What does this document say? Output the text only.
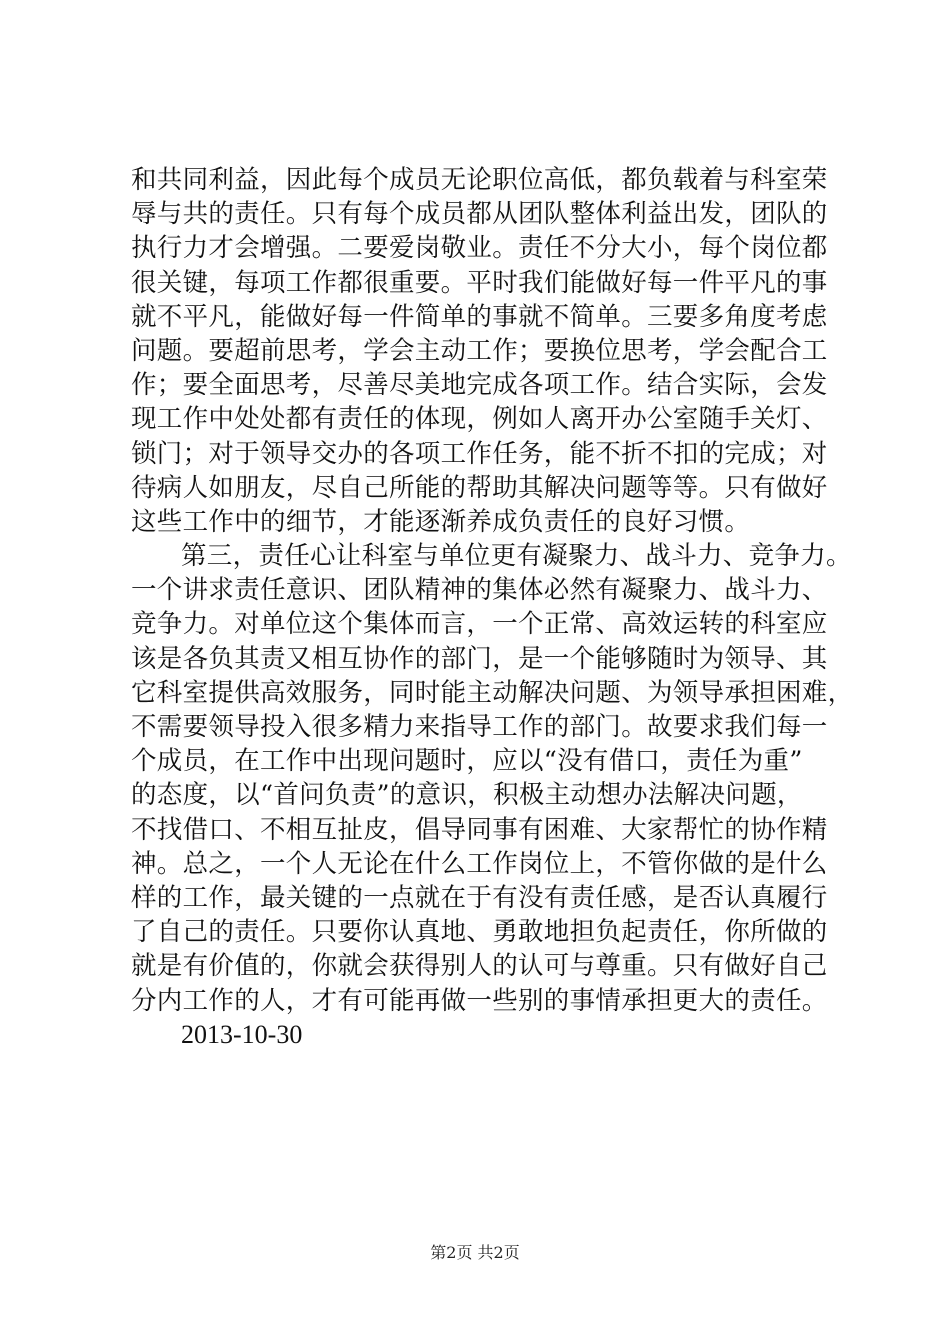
和共同利益，因此每个成员无论职位高低，都负载着与科室荣
辱与共的责任。只有每个成员都从团队整体利益出发，团队的
执行力才会增强。二要爱岗敬业。责任不分大小，每个岗位都
很关键，每项工作都很重要。平时我们能做好每一件平凡的事
就不平凡，能做好每一件简单的事就不简单。三要多角度考虑
问题。要超前思考，学会主动工作；要换位思考，学会配合工
作；要全面思考，尽善尽美地完成各项工作。结合实际，会发
现工作中处处都有责任的体现，例如人离开办公室随手关灯、
锁门；对于领导交办的各项工作任务，能不折不扣的完成；对
待病人如朋友，尽自己所能的帮助其解决问题等等。只有做好
这些工作中的细节，才能逐渐养成负责任的良好习惯。
第三，责任心让科室与单位更有凝聚力、战斗力、竞争力。
一个讲求责任意识、团队精神的集体必然有凝聚力、战斗力、
竞争力。对单位这个集体而言，一个正常、高效运转的科室应
该是各负其责又相互协作的部门，是一个能够随时为领导、其
它科室提供高效服务，同时能主动解决问题、为领导承担困难，
不需要领导投入很多精力来指导工作的部门。故要求我们每一
个成员，在工作中出现问题时，应以“没有借口，责任为重”
的态度，以“首问负责”的意识，积极主动想办法解决问题，
不找借口、不相互扯皮，倡导同事有困难、大家帮忙的协作精
神。总之，一个人无论在什么工作岗位上，不管你做的是什么
样的工作，最关键的一点就在于有没有责任感，是否认真履行
了自己的责任。只要你认真地、勇敢地担负起责任，你所做的
就是有价值的，你就会获得别人的认可与尊重。只有做好自己
分内工作的人，才有可能再做一些别的事情承担更大的责任。
2013-10-30
第2页 共2页
